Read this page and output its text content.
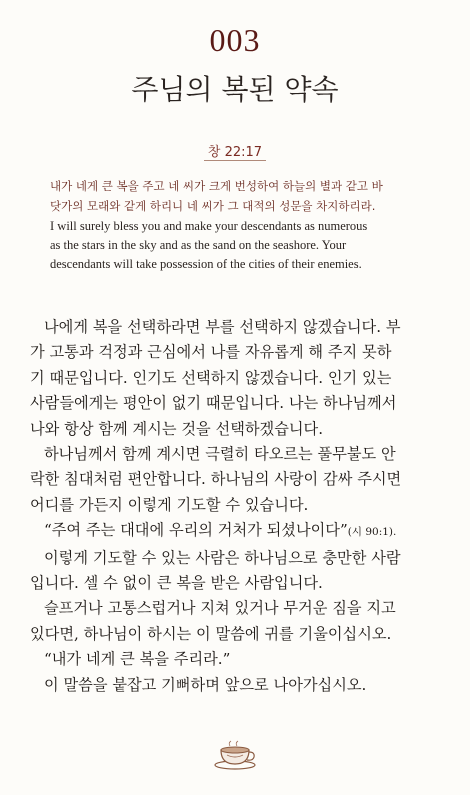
003
주님의 복된 약속
창 22:17
내가 네게 큰 복을 주고 네 씨가 크게 번성하여 하늘의 별과 같고 바
닷가의 모래와 같게 하리니 네 씨가 그 대적의 성문을 차지하리라.
I will surely bless you and make your descendants as numerous
as the stars in the sky and as the sand on the seashore. Your
descendants will take possession of the cities of their enemies.

나에게 복을 선택하라면 부를 선택하지 않겠습니다. 부

가 고통과 걱정과 근심에서 나를 자유롭게 해 주지 못하

기 때문입니다. 인기도 선택하지 않겠습니다. 인기 있는

사람들에게는 평안이 없기 때문입니다. 나는 하나님께서

나와 항상 함께 계시는 것을 선택하겠습니다.

하나님께서 함께 계시면 극렬히 타오르는 풀무불도 안

락한 침대처럼 편안합니다. 하나님의 사랑이 감싸 주시면

어디를 가든지 이렇게 기도할 수 있습니다.

“주여 주는 대대에 우리의 거처가 되셨나이다”(시 90:1).

이렇게 기도할 수 있는 사람은 하나님으로 충만한 사람

입니다. 셀 수 없이 큰 복을 받은 사람입니다.

슬프거나 고통스럽거나 지쳐 있거나 무거운 짐을 지고

있다면, 하나님이 하시는 이 말씀에 귀를 기울이십시오.

“내가 네게 큰 복을 주리라.”

이 말씀을 붙잡고 기뻐하며 앞으로 나아가십시오.
